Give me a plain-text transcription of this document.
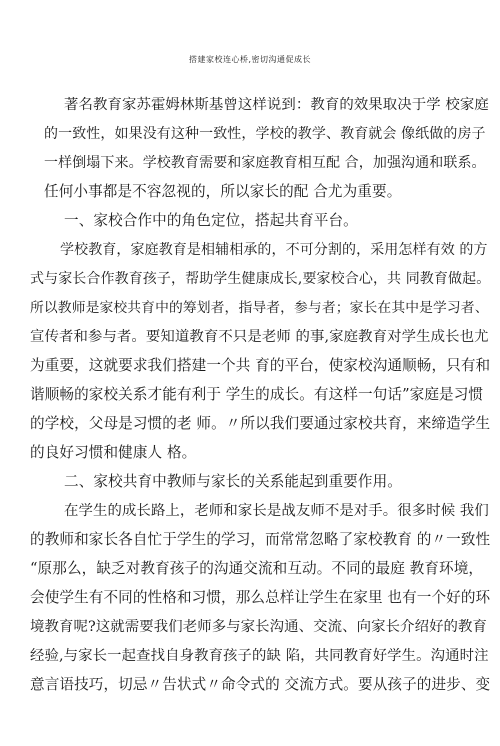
搭建家校连心桥,密切沟通促成长
著名教育家苏霍姆林斯基曾这样说到：教育的效果取决于学 校家庭
的一致性，如果没有这种一致性，学校的教学、教育就会 像纸做的房子
一样倒塌下来。学校教育需要和家庭教育相互配 合，加强沟通和联系。
任何小事都是不容忽视的，所以家长的配 合尤为重要。
一、家校合作中的角色定位，搭起共育平台。
学校教育，家庭教育是相辅相承的，不可分割的，采用怎样有效 的方
式与家长合作教育孩子，帮助学生健康成长,要家校合心，共 同教育做起。
所以教师是家校共育中的筹划者，指导者，参与者；家长在其中是学习者、
宣传者和参与者。要知道教育不只是老师 的事,家庭教育对学生成长也尤
为重要，这就要求我们搭建一个共 育的平台，使家校沟通顺畅，只有和
谐顺畅的家校关系才能有利于 学生的成长。有这样一句话”家庭是习惯
的学校，父母是习惯的老 师。〃所以我们要通过家校共育，来缔造学生
的良好习惯和健康人 格。
二、家校共育中教师与家长的关系能起到重要作用。
在学生的成长路上，老师和家长是战友师不是对手。很多时候 我们
的教师和家长各自忙于学生的学习，而常常忽略了家校教育 的〃一致性
“原那么，缺乏对教育孩子的沟通交流和互动。不同的最庭 教育环境，
会使学生有不同的性格和习惯，那么总样让学生在家里 也有一个好的环
境教育呢?这就需要我们老师多与家长沟通、交流、向家长介绍好的教育
经验,与家长一起查找自身教育孩子的缺 陷，共同教育好学生。沟通时注
意言语技巧，切忌〃告状式〃命令式的 交流方式。要从孩子的进步、变
